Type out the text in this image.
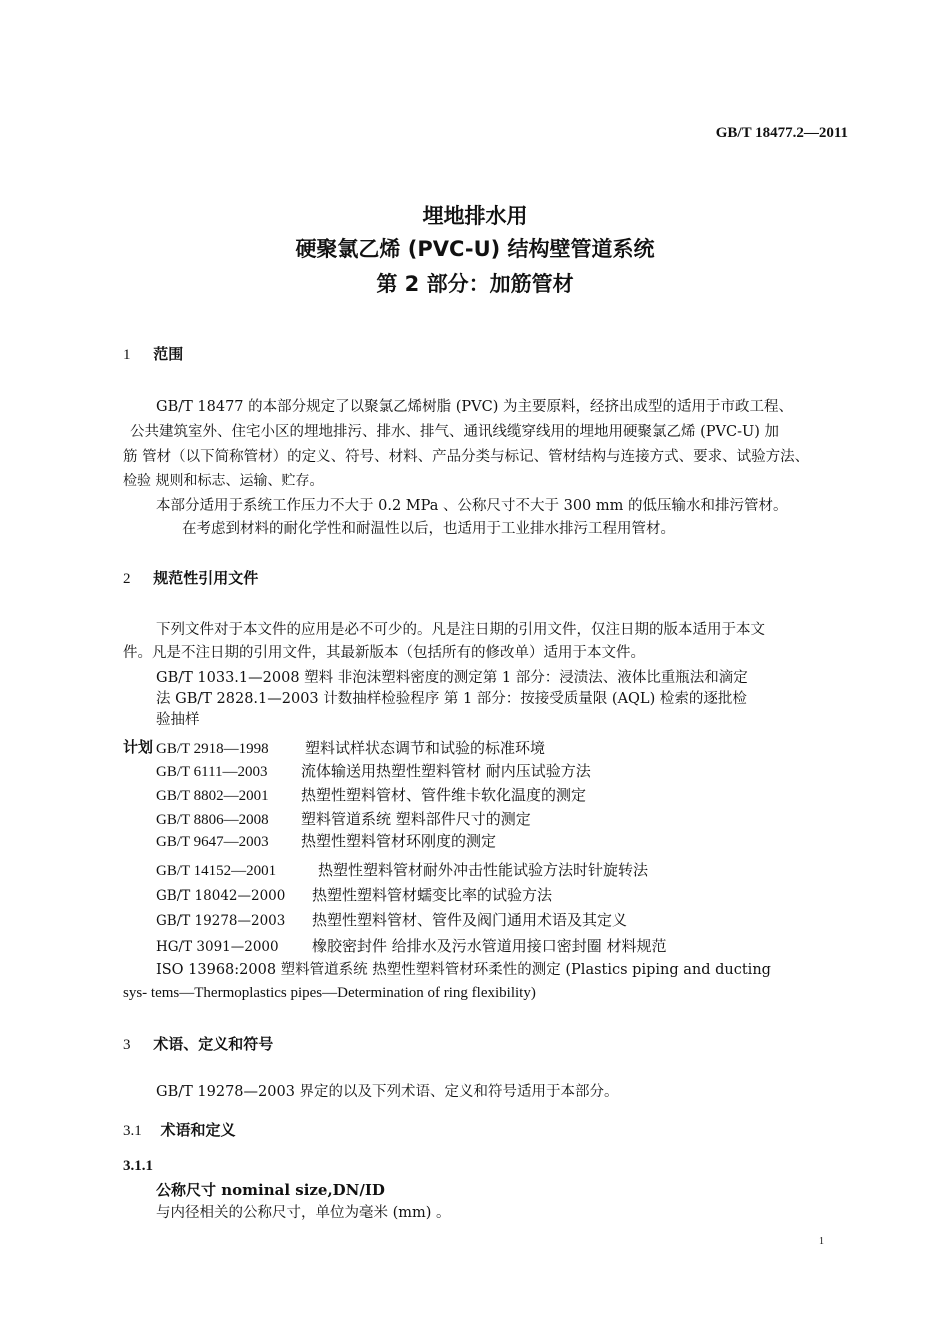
GB/T 18477.2—2011
埋地排水用
硬聚氯乙烯 (PVC-U) 结构壁管道系统
第 2 部分：加筋管材
1 范围
GB/T 18477 的本部分规定了以聚氯乙烯树脂 (PVC) 为主要原料，经挤出成型的适用于市政工程、
公共建筑室外、住宅小区的埋地排污、排水、排气、通讯线缆穿线用的埋地用硬聚氯乙烯 (PVC-U) 加
筋 管材（以下简称管材）的定义、符号、材料、产品分类与标记、管材结构与连接方式、要求、试验方法、
检验 规则和标志、运输、贮存。
本部分适用于系统工作压力不大于 0.2 MPa 、公称尺寸不大于 300 mm 的低压输水和排污管材。
在考虑到材料的耐化学性和耐温性以后，也适用于工业排水排污工程用管材。
2 规范性引用文件
下列文件对于本文件的应用是必不可少的。凡是注日期的引用文件，仅注日期的版本适用于本文
件。凡是不注日期的引用文件，其最新版本（包括所有的修改单）适用于本文件。
GB/T 1033.1—2008 塑料 非泡沫塑料密度的测定第 1 部分：浸渍法、液体比重瓶法和滴定
法 GB/T 2828.1—2003 计数抽样检验程序 第 1 部分：按接受质量限 (AQL) 检索的逐批检
验抽样
计划 GB/T 2918—1998 塑料试样状态调节和试验的标准环境
GB/T 6111—2003 流体输送用热塑性塑料管材 耐内压试验方法
GB/T 8802—2001 热塑性塑料管材、管件维卡软化温度的测定
GB/T 8806—2008 塑料管道系统 塑料部件尺寸的测定
GB/T 9647—2003 热塑性塑料管材环刚度的测定
GB/T 14152—2001	热塑性塑料管材耐外冲击性能试验方法时针旋转法
GB/T 18042—2000 热塑性塑料管材蠕变比率的试验方法
GB/T 19278—2003 热塑性塑料管材、管件及阀门通用术语及其定义
HG/T 3091—2000 橡胶密封件 给排水及污水管道用接口密封圈 材料规范
ISO 13968:2008 塑料管道系统 热塑性塑料管材环柔性的测定 (Plastics piping and ducting
sys- tems—Thermoplastics pipes—Determination of ring flexibility)
3 术语、定义和符号
GB/T 19278—2003 界定的以及下列术语、定义和符号适用于本部分。
3.1 术语和定义
3.1.1
公称尺寸 nominal size,DN/ID
与内径相关的公称尺寸，单位为毫米 (mm) 。
1
